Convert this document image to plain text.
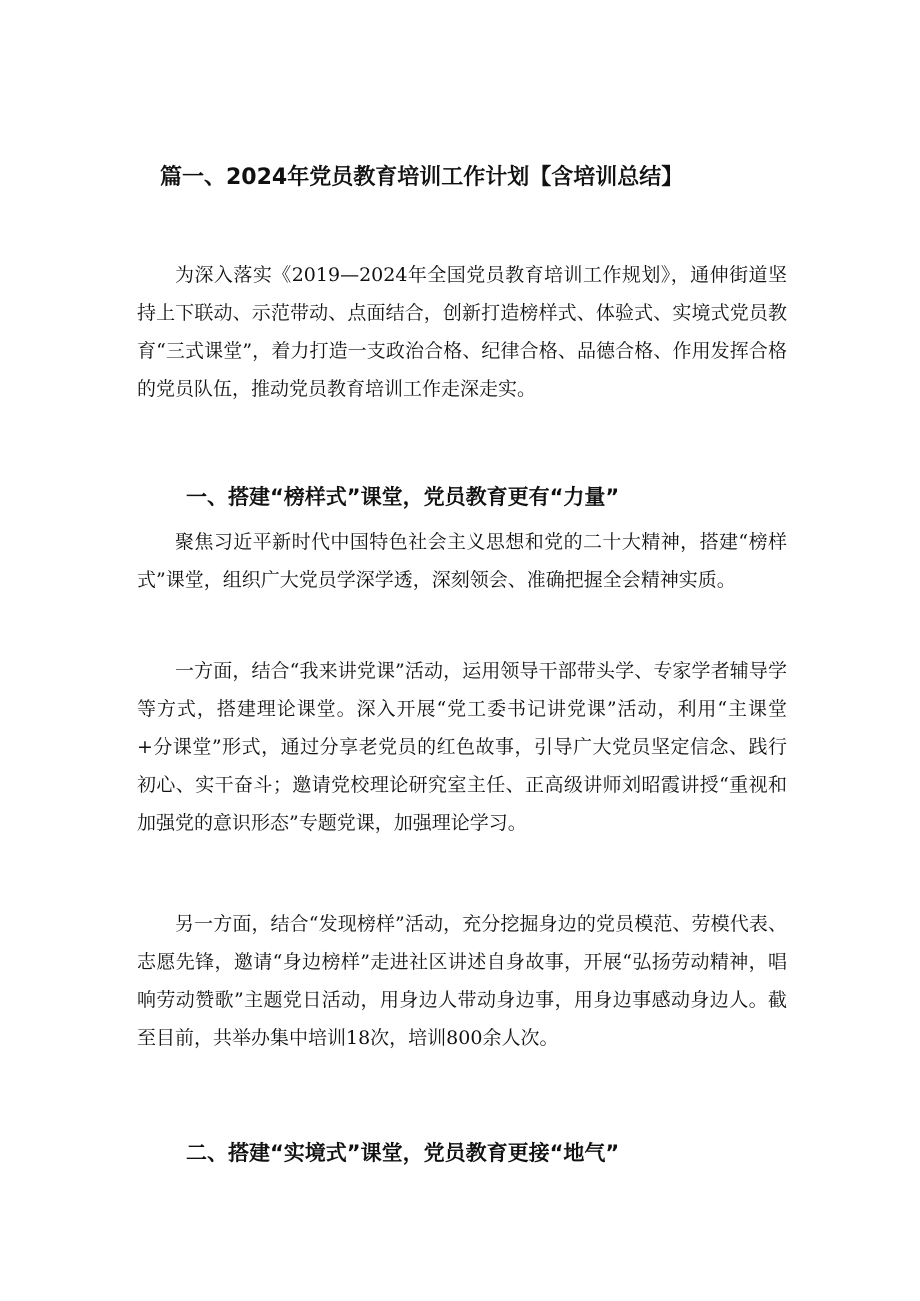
篇一、2024年党员教育培训工作计划【含培训总结】

为深入落实《2019—2024年全国党员教育培训工作规划》，通伸街道坚持上下联动、示范带动、点面结合，创新打造榜样式、体验式、实境式党员教育“三式课堂”，着力打造一支政治合格、纪律合格、品德合格、作用发挥合格的党员队伍，推动党员教育培训工作走深走实。

一、搭建“榜样式”课堂，党员教育更有“力量”

聚焦习近平新时代中国特色社会主义思想和党的二十大精神，搭建“榜样式”课堂，组织广大党员学深学透，深刻领会、准确把握全会精神实质。

一方面，结合“我来讲党课”活动，运用领导干部带头学、专家学者辅导学等方式，搭建理论课堂。深入开展“党工委书记讲党课”活动，利用“主课堂+分课堂”形式，通过分享老党员的红色故事，引导广大党员坚定信念、践行初心、实干奋斗；邀请党校理论研究室主任、正高级讲师刘昭霞讲授“重视和加强党的意识形态”专题党课，加强理论学习。

另一方面，结合“发现榜样”活动，充分挖掘身边的党员模范、劳模代表、志愿先锋，邀请“身边榜样”走进社区讲述自身故事，开展“弘扬劳动精神，唱响劳动赞歌”主题党日活动，用身边人带动身边事，用身边事感动身边人。截至目前，共举办集中培训18次，培训800余人次。

二、搭建“实境式”课堂，党员教育更接“地气”
